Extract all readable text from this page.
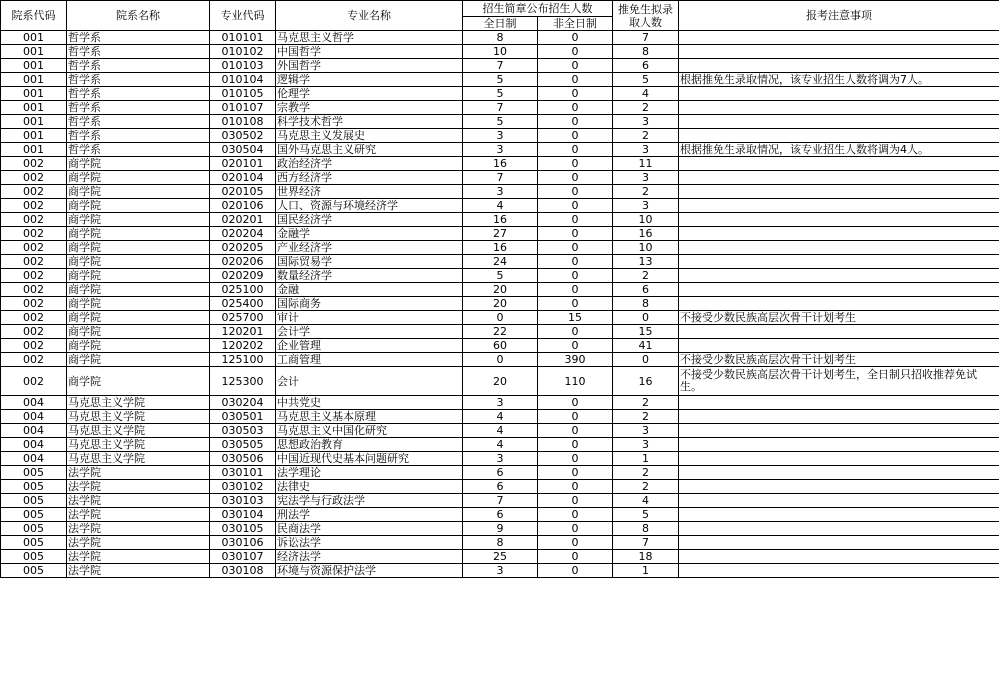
院系代码	院系名称	专业代码	专业名称	招生简章公布招生人数		推免生拟录取人数	报考注意事项
				全日制	非全日制		
001	哲学系	010101	马克思主义哲学	8	0	7	
001	哲学系	010102	中国哲学	10	0	8	
001	哲学系	010103	外国哲学	7	0	6	
001	哲学系	010104	逻辑学	5	0	5	根据推免生录取情况，该专业招生人数将调为7人。
001	哲学系	010105	伦理学	5	0	4	
001	哲学系	010107	宗教学	7	0	2	
001	哲学系	010108	科学技术哲学	5	0	3	
001	哲学系	030502	马克思主义发展史	3	0	2	
001	哲学系	030504	国外马克思主义研究	3	0	3	根据推免生录取情况，该专业招生人数将调为4人。
002	商学院	020101	政治经济学	16	0	11	
002	商学院	020104	西方经济学	7	0	3	
002	商学院	020105	世界经济	3	0	2	
002	商学院	020106	人口、资源与环境经济学	4	0	3	
002	商学院	020201	国民经济学	16	0	10	
002	商学院	020204	金融学	27	0	16	
002	商学院	020205	产业经济学	16	0	10	
002	商学院	020206	国际贸易学	24	0	13	
002	商学院	020209	数量经济学	5	0	2	
002	商学院	025100	金融	20	0	6	
002	商学院	025400	国际商务	20	0	8	
002	商学院	025700	审计	0	15	0	不接受少数民族高层次骨干计划考生
002	商学院	120201	会计学	22	0	15	
002	商学院	120202	企业管理	60	0	41	
002	商学院	125100	工商管理	0	390	0	不接受少数民族高层次骨干计划考生
002	商学院	125300	会计	20	110	16	不接受少数民族高层次骨干计划考生，全日制只招收推荐免试生。
004	马克思主义学院	030204	中共党史	3	0	2	
004	马克思主义学院	030501	马克思主义基本原理	4	0	2	
004	马克思主义学院	030503	马克思主义中国化研究	4	0	3	
004	马克思主义学院	030505	思想政治教育	4	0	3	
004	马克思主义学院	030506	中国近现代史基本问题研究	3	0	1	
005	法学院	030101	法学理论	6	0	2	
005	法学院	030102	法律史	6	0	2	
005	法学院	030103	宪法学与行政法学	7	0	4	
005	法学院	030104	刑法学	6	0	5	
005	法学院	030105	民商法学	9	0	8	
005	法学院	030106	诉讼法学	8	0	7	
005	法学院	030107	经济法学	25	0	18	
005	法学院	030108	环境与资源保护法学	3	0	1	
